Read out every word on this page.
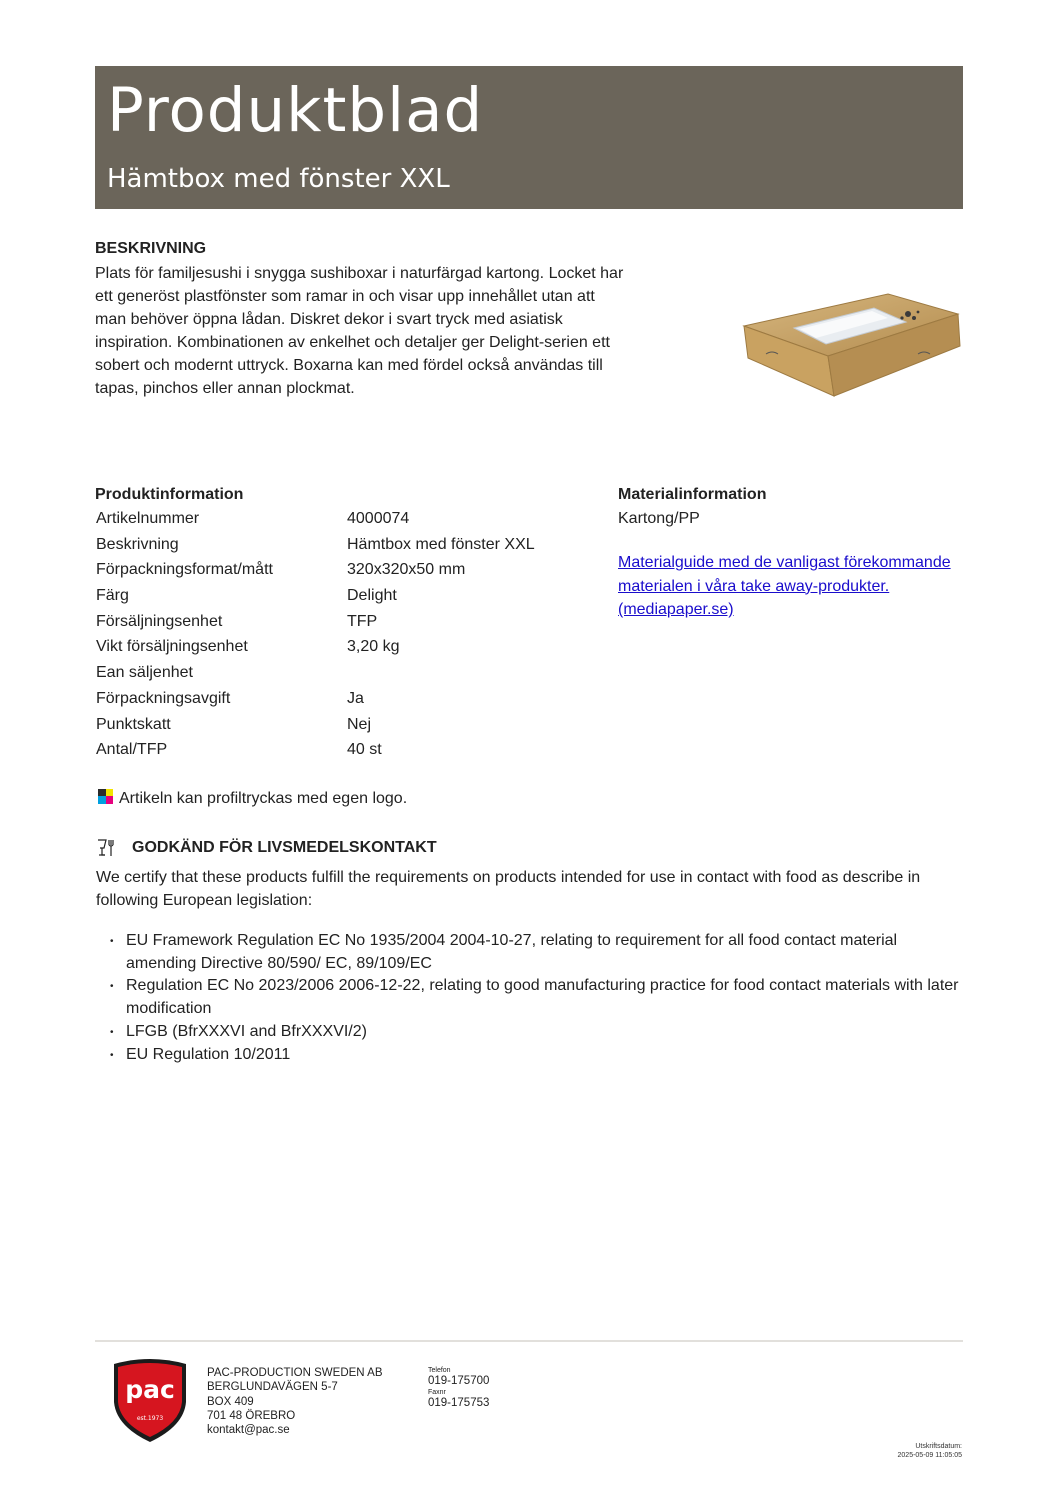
Produktblad
Hämtbox med fönster XXL
BESKRIVNING

Plats för familjesushi i snygga sushiboxar i naturfärgad kartong. Locket har ett generöst plastfönster som ramar in och visar upp innehållet utan att man behöver öppna lådan. Diskret dekor i svart tryck med asiatisk inspiration. Kombinationen av enkelhet och detaljer ger Delight-serien ett sobert och modernt uttryck. Boxarna kan med fördel också användas till tapas, pinchos eller annan plockmat.

Produktinformation
Artikelnummer	4000074
Beskrivning	Hämtbox med fönster XXL
Förpackningsformat/mått	320x320x50 mm
Färg	Delight
Försäljningsenhet	TFP
Vikt försäljningsenhet	3,20 kg
Ean säljenhet
Förpackningsavgift	Ja
Punktskatt	Nej
Antal/TFP	40 st
Materialinformation
Kartong/PP
Materialguide med de vanligast förekommande materialen i våra take away-produkter. (mediapaper.se)
Artikeln kan profiltryckas med egen logo.
GODKÄND FÖR LIVSMEDELSKONTAKT

We certify that these products fulfill the requirements on products intended for use in contact with food as describe in following European legislation:

• EU Framework Regulation EC No 1935/2004 2004-10-27, relating to requirement for all food contact material amending Directive 80/590/ EC, 89/109/EC
• Regulation EC No 2023/2006 2006-12-22, relating to good manufacturing practice for food contact materials with later modification
• LFGB (BfrXXXVI and BfrXXXVI/2)
• EU Regulation 10/2011
pac
est.1973
PAC-PRODUCTION SWEDEN AB
BERGLUNDAVÄGEN 5-7
BOX 409
701 48 ÖREBRO
kontakt@pac.se
Telefon
019-175700
Faxnr
019-175753
Utskriftsdatum:
2025-05-09 11:05:05
